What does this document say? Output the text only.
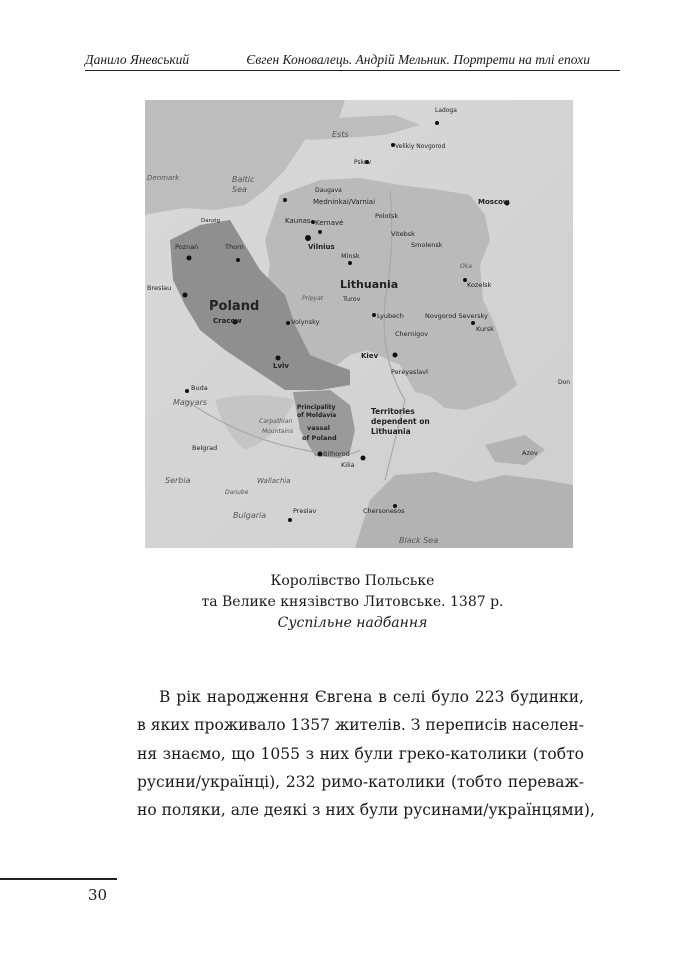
Данило Яневський	Євген Коновалець. Андрій Мельник. Портрети на тлі епохи
Ladoga
Ests
Velikiy Novgorod
Pskov
Baltic
Sea
Denmark
Daugava
Medninkai/Varniai	Moscow
Danzig	Kaunas Kernavė
Polotsk
Vitebsk
Poznań	Thorn	Vilnius	Smolensk
Minsk
Oka
Lithuania
Breslau	Kozelsk
Poland
Pripyat	Turov
Cracow	Volynsky
Lyubech	Novgorod Seversky
Kursk
Chernigov
Kiev
Lviv
Pereyaslavl
Don
Buda
Magyars
Principality
of Moldavia	Territories
dependent on
Lithuania
Carpathian
Mountains vassal
of Poland
Belgrad
Bilhorod	Azov
Kilia
Serbia	Wallachia
Danube
Bulgaria	Preslav	Chersonesos
Black Sea
Королівство Польське
та Велике князівство Литовське. 1387 р.
Суспільне надбання
В рік народження Євгена в селі було 223 будинки,
в яких проживало 1357 жителів. З переписів населен-
ня знаємо, що 1055 з них були греко-католики (тобто
русини/українці), 232 римо-католики (тобто переваж-
но поляки, але деякі з них були русинами/українцями),
30
